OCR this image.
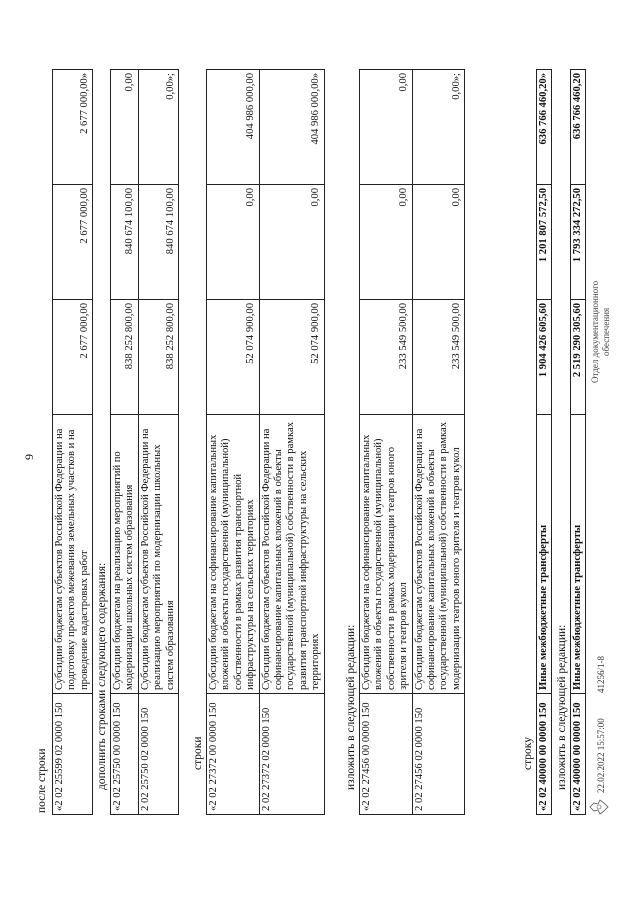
9
после строки «2 02 25599 02 0000 150	Субсидии бюджетам субъектов Российской Федерации на подготовку проектов межевания земельных участков и на проведение кадастровых работ	2 677 000,00	2 677 000,00	2 677 000,00»
дополнить строками следующего содержания: «2 02 25750 00 0000 150	Субсидии бюджетам на реализацию мероприятий по модернизации школьных систем образования	838 252 800,00	840 674 100,00	0,00
2 02 25750 02 0000 150	Субсидии бюджетам субъектов Российской Федерации на реализацию мероприятий по модернизации школьных систем образования	838 252 800,00	840 674 100,00	0,00»;
строки «2 02 27372 00 0000 150	Субсидии бюджетам на софинансирование капитальных вложений в объекты государственной (муниципальной) собственности в рамках развития транспортной инфраструктуры на сельских территориях	52 074 900,00	0,00	404 986 000,00
2 02 27372 02 0000 150	Субсидии бюджетам субъектов Российской Федерации на софинансирование капитальных вложений в объекты государственной (муниципальной) собственности в рамках развития транспортной инфраструктуры на сельских территориях	52 074 900,00	0,00	404 986 000,00»
изложить в следующей редакции: «2 02 27456 00 0000 150	Субсидии бюджетам на софинансирование капитальных вложений в объекты государственной (муниципальной) собственности в рамках модернизации театров юного зрителя и театров кукол	233 549 500,00	0,00	0,00
2 02 27456 02 0000 150	Субсидии бюджетам субъектов Российской Федерации на софинансирование капитальных вложений в объекты государственной (муниципальной) собственности в рамках модернизации театров юного зрителя и театров кукол	233 549 500,00	0,00	0,00»;
строку «2 02 40000 00 0000 150	Иные межбюджетные трансферты	1 904 426 605,60	1 201 807 572,50	636 766 460,20»
изложить в следующей редакции: «2 02 40000 00 0000 150	Иные межбюджетные трансферты	2 519 290 305,60	1 793 334 272,50	636 766 460,20
22.02.2022 15:57:00
41256/1-8
Отдел документационного обеспечения
